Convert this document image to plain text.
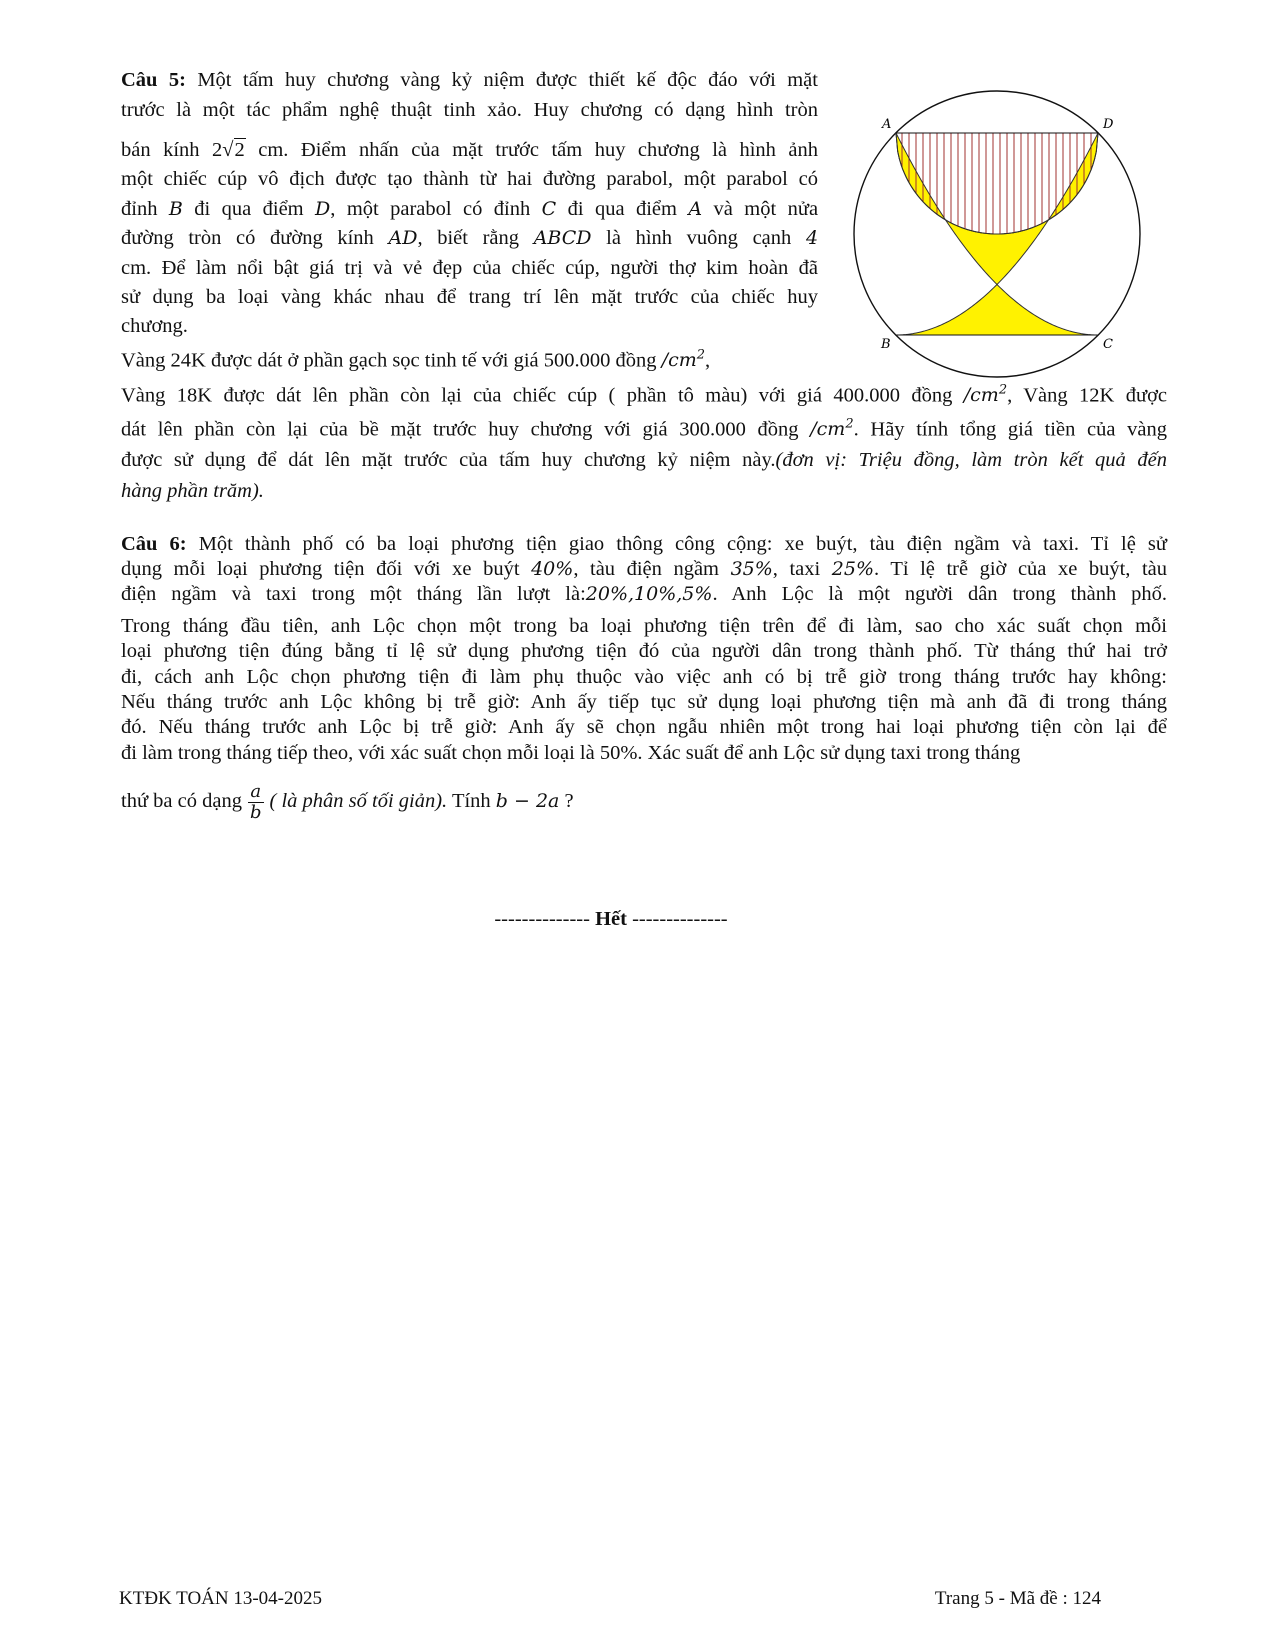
Câu 5: Một tấm huy chương vàng kỷ niệm được thiết kế độc đáo với mặt
trước là một tác phẩm nghệ thuật tinh xảo. Huy chương có dạng hình tròn
bán kính 2√2 cm. Điểm nhấn của mặt trước tấm huy chương là hình ảnh
một chiếc cúp vô địch được tạo thành từ hai đường parabol, một parabol có
đỉnh B đi qua điểm D, một parabol có đỉnh C đi qua điểm A và một nửa
đường tròn có đường kính AD, biết rằng ABCD là hình vuông cạnh 4
cm. Để làm nổi bật giá trị và vẻ đẹp của chiếc cúp, người thợ kim hoàn đã
sử dụng ba loại vàng khác nhau để trang trí lên mặt trước của chiếc huy
chương.
Vàng 24K được dát ở phần gạch sọc tinh tế với giá 500.000 đồng $/cm^2$,
Vàng 18K được dát lên phần còn lại của chiếc cúp ( phần tô màu) với giá 400.000 đồng $/cm^2$, Vàng 12K được
dát lên phần còn lại của bề mặt trước huy chương với giá 300.000 đồng $/cm^2$. Hãy tính tổng giá tiền của vàng
được sử dụng để dát lên mặt trước của tấm huy chương kỷ niệm này.(đơn vị: Triệu đồng, làm tròn kết quả đến
hàng phần trăm).
A	D
B	C
Câu 6: Một thành phố có ba loại phương tiện giao thông công cộng: xe buýt, tàu điện ngầm và taxi. Tỉ lệ sử
dụng mỗi loại phương tiện đối với xe buýt 40%, tàu điện ngầm 35%, taxi 25%. Tỉ lệ trễ giờ của xe buýt, tàu
điện ngầm và taxi trong một tháng lần lượt là:20%,10%,5%. Anh Lộc là một người dân trong thành phố.
Trong tháng đầu tiên, anh Lộc chọn một trong ba loại phương tiện trên để đi làm, sao cho xác suất chọn mỗi
loại phương tiện đúng bằng tỉ lệ sử dụng phương tiện đó của người dân trong thành phố. Từ tháng thứ hai trở
đi, cách anh Lộc chọn phương tiện đi làm phụ thuộc vào việc anh có bị trễ giờ trong tháng trước hay không:
Nếu tháng trước anh Lộc không bị trễ giờ: Anh ấy tiếp tục sử dụng loại phương tiện mà anh đã đi trong tháng
đó. Nếu tháng trước anh Lộc bị trễ giờ: Anh ấy sẽ chọn ngẫu nhiên một trong hai loại phương tiện còn lại để
đi làm trong tháng tiếp theo, với xác suất chọn mỗi loại là 50%. Xác suất để anh Lộc sử dụng taxi trong tháng
thứ ba có dạng $\frac{a}{b}$ ( là phân số tối giản). Tính b − 2a ?
-------------- Hết --------------
KTĐK TOÁN 13-04-2025	Trang 5 - Mã đề : 124
